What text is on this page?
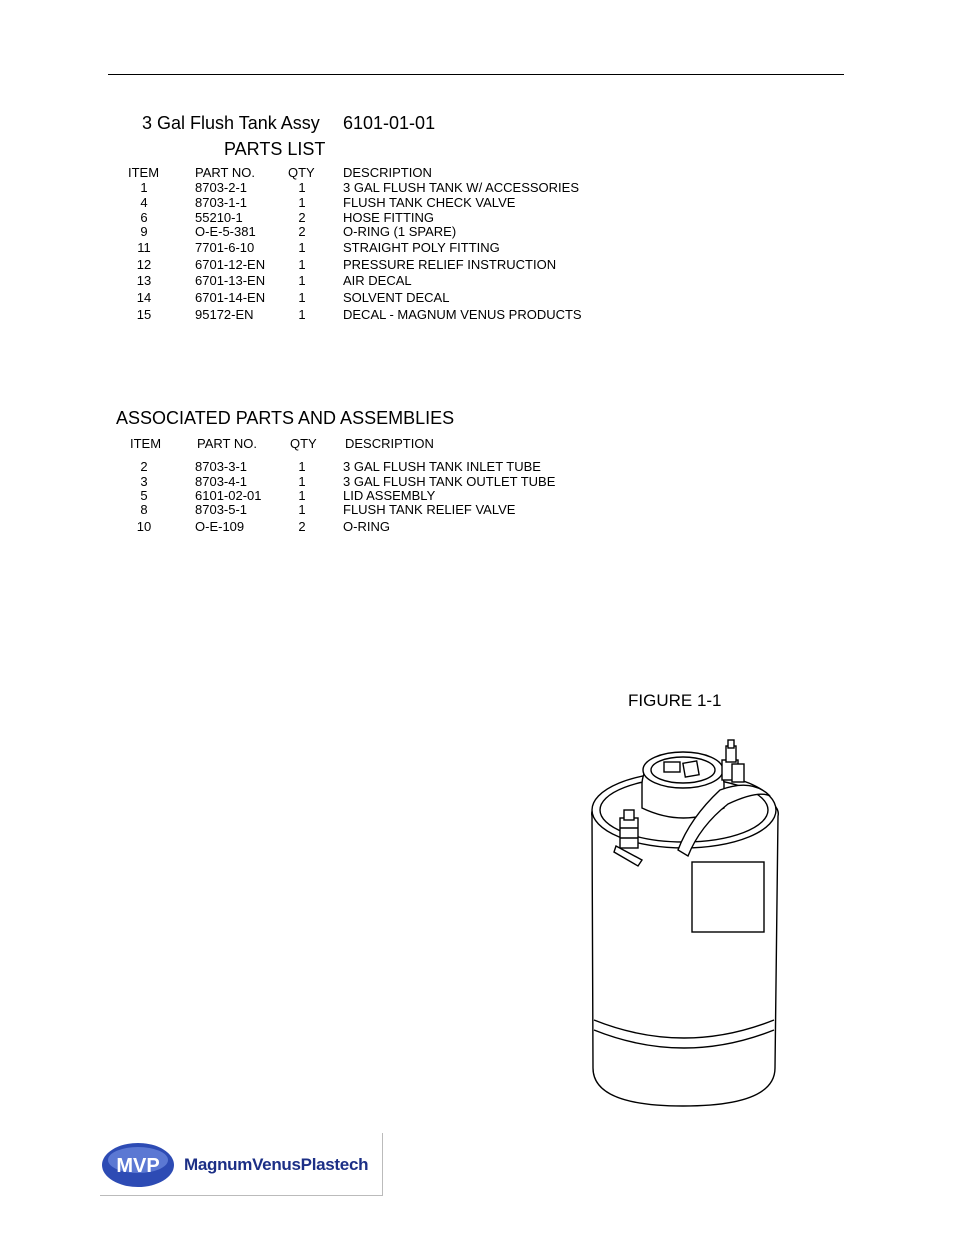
3 Gal Flush Tank Assy 6101-01-01
PARTS LIST
ITEM	PART NO.	QTY DESCRIPTION
1	8703-2-1	1	3 GAL FLUSH TANK W/ ACCESSORIES
4	8703-1-1	1	FLUSH TANK CHECK VALVE
6	55210-1	2	HOSE FITTING
9	O-E-5-381	2	O-RING (1 SPARE)
11	7701-6-10	1	STRAIGHT POLY FITTING
12	6701-12-EN	1	PRESSURE RELIEF INSTRUCTION
13	6701-13-EN	1	AIR DECAL
14	6701-14-EN	1	SOLVENT DECAL
15	95172-EN	1	DECAL - MAGNUM VENUS PRODUCTS
ASSOCIATED PARTS AND ASSEMBLIES
ITEM	PART NO.	QTY DESCRIPTION
2	8703-3-1	1	3 GAL FLUSH TANK INLET TUBE
3	8703-4-1	1	3 GAL FLUSH TANK OUTLET TUBE
5	6101-02-01	1	LID ASSEMBLY
8	8703-5-1	1	FLUSH TANK RELIEF VALVE
10	O-E-109	2	O-RING
FIGURE 1-1
MVP MagnumVenusPlastech
